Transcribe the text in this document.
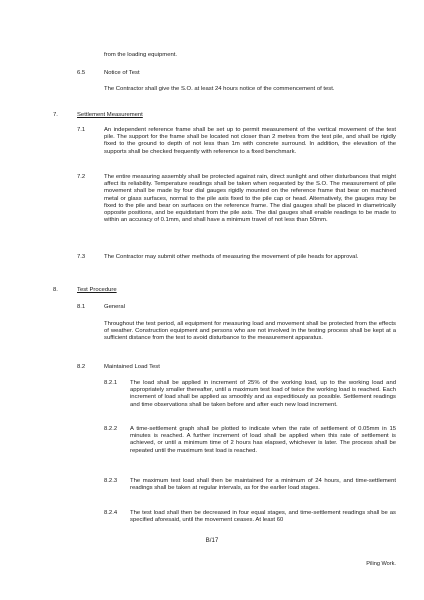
from the loading equipment.

6.5	Notice of Test

The Contractor shall give the S.O. at least 24 hours notice of the commencement of test.

7.	Settlement Measurement

7.1	An independent reference frame shall be set up to permit measurement of the vertical movement of the test pile. The support for the frame shall be located not closer than 2 metres from the test pile, and shall be rigidly fixed to the ground to depth of not less than 1m with concrete surround. In addition, the elevation of the supports shall be checked frequently with reference to a fixed benchmark.

7.2	The entire measuring assembly shall be protected against rain, direct sunlight and other disturbances that might affect its reliability. Temperature readings shall be taken when requested by the S.O. The measurement of pile movement shall be made by four dial gauges rigidly mounted on the reference frame that bear on machined metal or glass surfaces, normal to the pile axis fixed to the pile cap or head. Alternatively, the gauges may be fixed to the pile and bear on surfaces on the reference frame. The dial gauges shall be placed in diametrically opposite positions, and be equidistant from the pile axis. The dial gauges shall enable readings to be made to within an accuracy of 0.1mm, and shall have a minimum travel of not less than 50mm.

7.3	The Contractor may submit other methods of measuring the movement of pile heads for approval.

8.	Test Procedure

8.1	General

Throughout the test period, all equipment for measuring load and movement shall be protected from the effects of weather. Construction equipment and persons who are not involved in the testing process shall be kept at a sufficient distance from the test to avoid disturbance to the measurement apparatus.

8.2	Maintained Load Test

8.2.1 The load shall be applied in increment of 25% of the working load, up to the working load and appropriately smaller thereafter, until a maximum test load of twice the working load is reached. Each increment of load shall be applied as smoothly and as expeditiously as possible. Settlement readings and time observations shall be taken before and after each new load increment.

8.2.2 A time-settlement graph shall be plotted to indicate when the rate of settlement of 0.05mm in 15 minutes is reached. A further increment of load shall be applied when this rate of settlement is achieved, or until a minimum time of 2 hours has elapsed, whichever is later. The process shall be repeated until the maximum test load is reached.

8.2.3 The maximum test load shall then be maintained for a minimum of 24 hours, and time-settlement readings shall be taken at regular intervals, as for the earlier load stages.

8.2.4 The test load shall then be decreased in four equal stages, and time-settlement readings shall be as specified aforesaid, until the movement ceases. At least 60

B/17

Piling Work.
